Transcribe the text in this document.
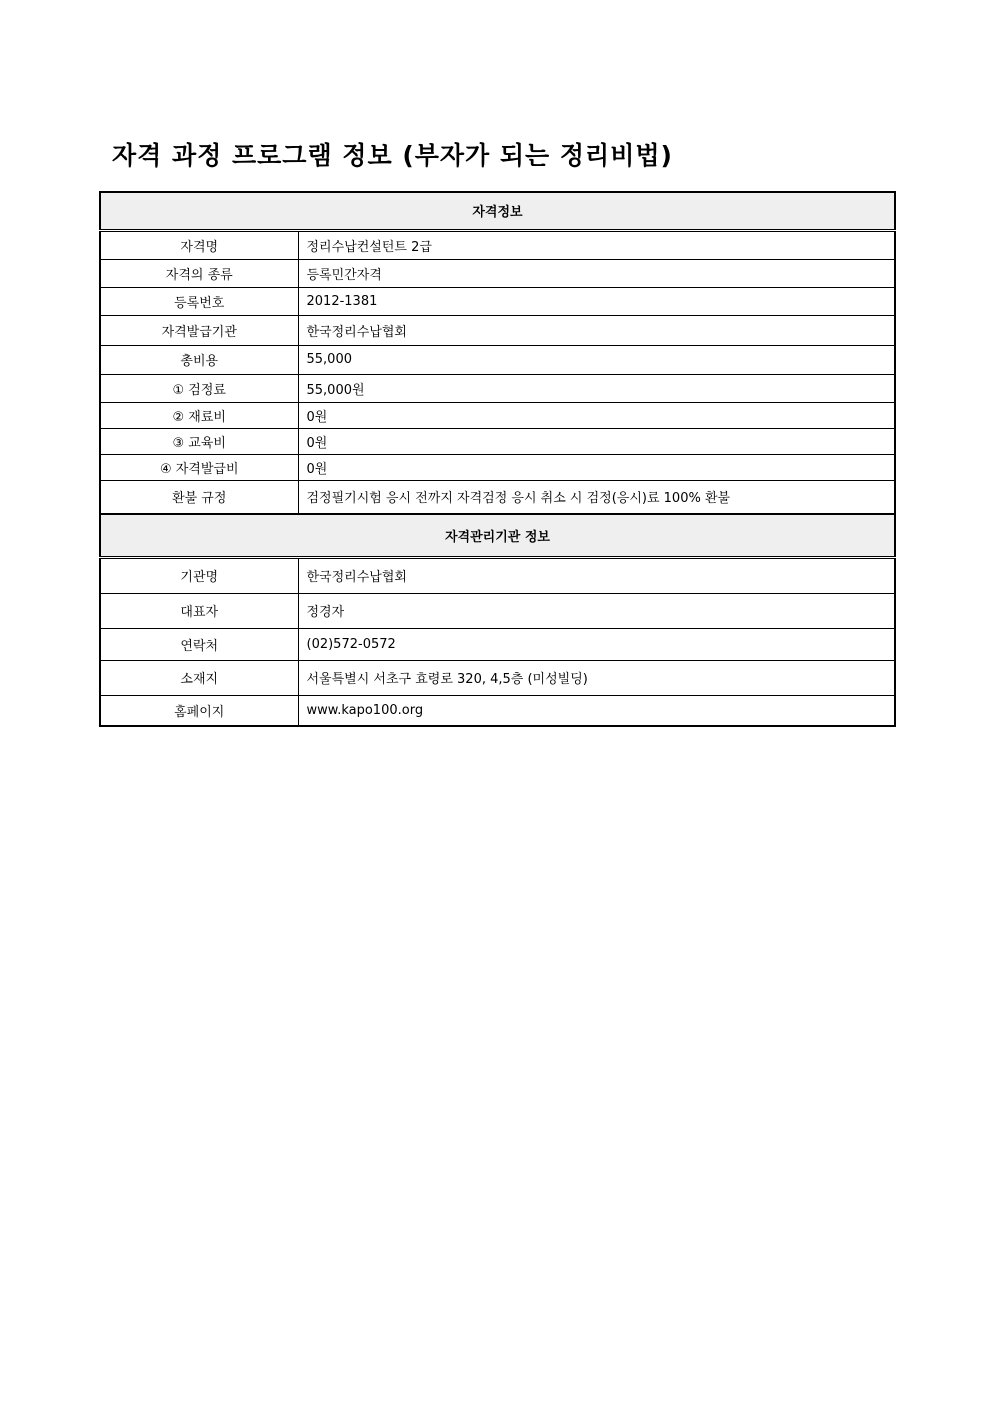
자격 과정 프로그램 정보 (부자가 되는 정리비법)
자격정보	
자격명	정리수납컨설턴트 2급
자격의 종류	등록민간자격
등록번호	2012-1381
자격발급기관	한국정리수납협회
총비용	55,000
① 검정료	55,000원
② 재료비	0원
③ 교육비	0원
④ 자격발급비	0원
환불 규정	검정필기시험 응시 전까지 자격검정 응시 취소 시 검정(응시)료 100% 환불
자격관리기관 정보	
기관명	한국정리수납협회
대표자	정경자
연락처	(02)572-0572
소재지	서울특별시 서초구 효령로 320, 4,5층 (미성빌딩)
홈페이지	www.kapo100.org
